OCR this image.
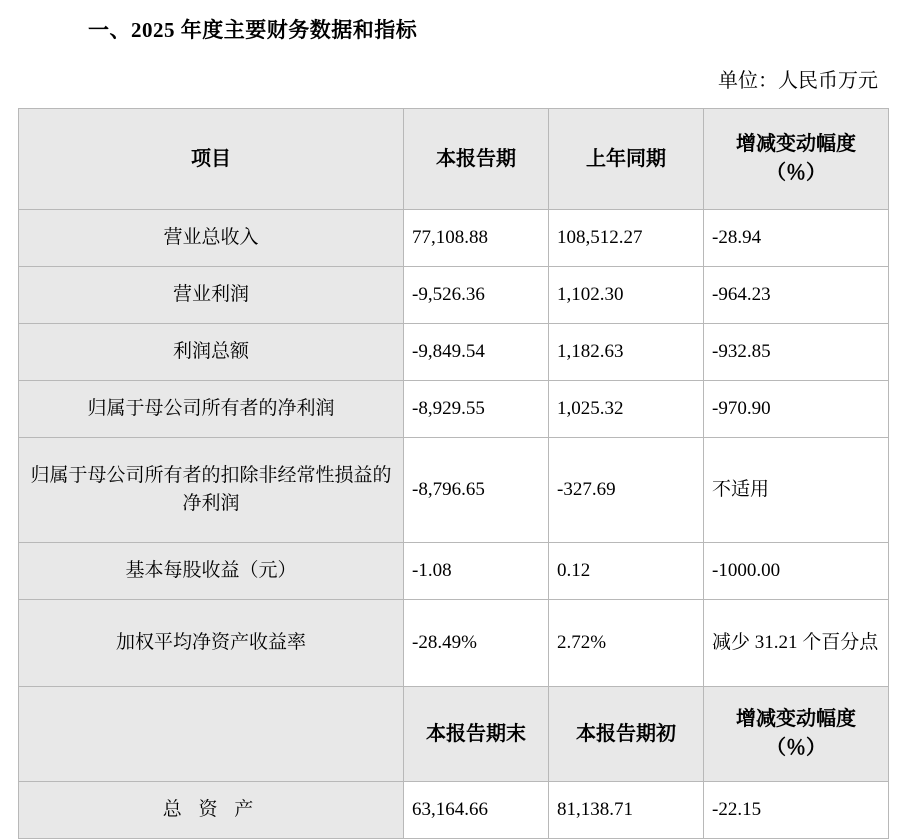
一、2025 年度主要财务数据和指标
单位：人民币万元
项目	本报告期	上年同期	增减变动幅度（％）
营业总收入	77,108.88	108,512.27	-28.94
营业利润	-9,526.36	1,102.30	-964.23
利润总额	-9,849.54	1,182.63	-932.85
归属于母公司所有者的净利润	-8,929.55	1,025.32	-970.90
归属于母公司所有者的扣除非经常性损益的净利润	-8,796.65	-327.69	不适用
基本每股收益（元）	-1.08	0.12	-1000.00
加权平均净资产收益率	-28.49%	2.72%	减少 31.21 个百分点
	本报告期末	本报告期初	增减变动幅度（％）
总 资 产	63,164.66	81,138.71	-22.15
